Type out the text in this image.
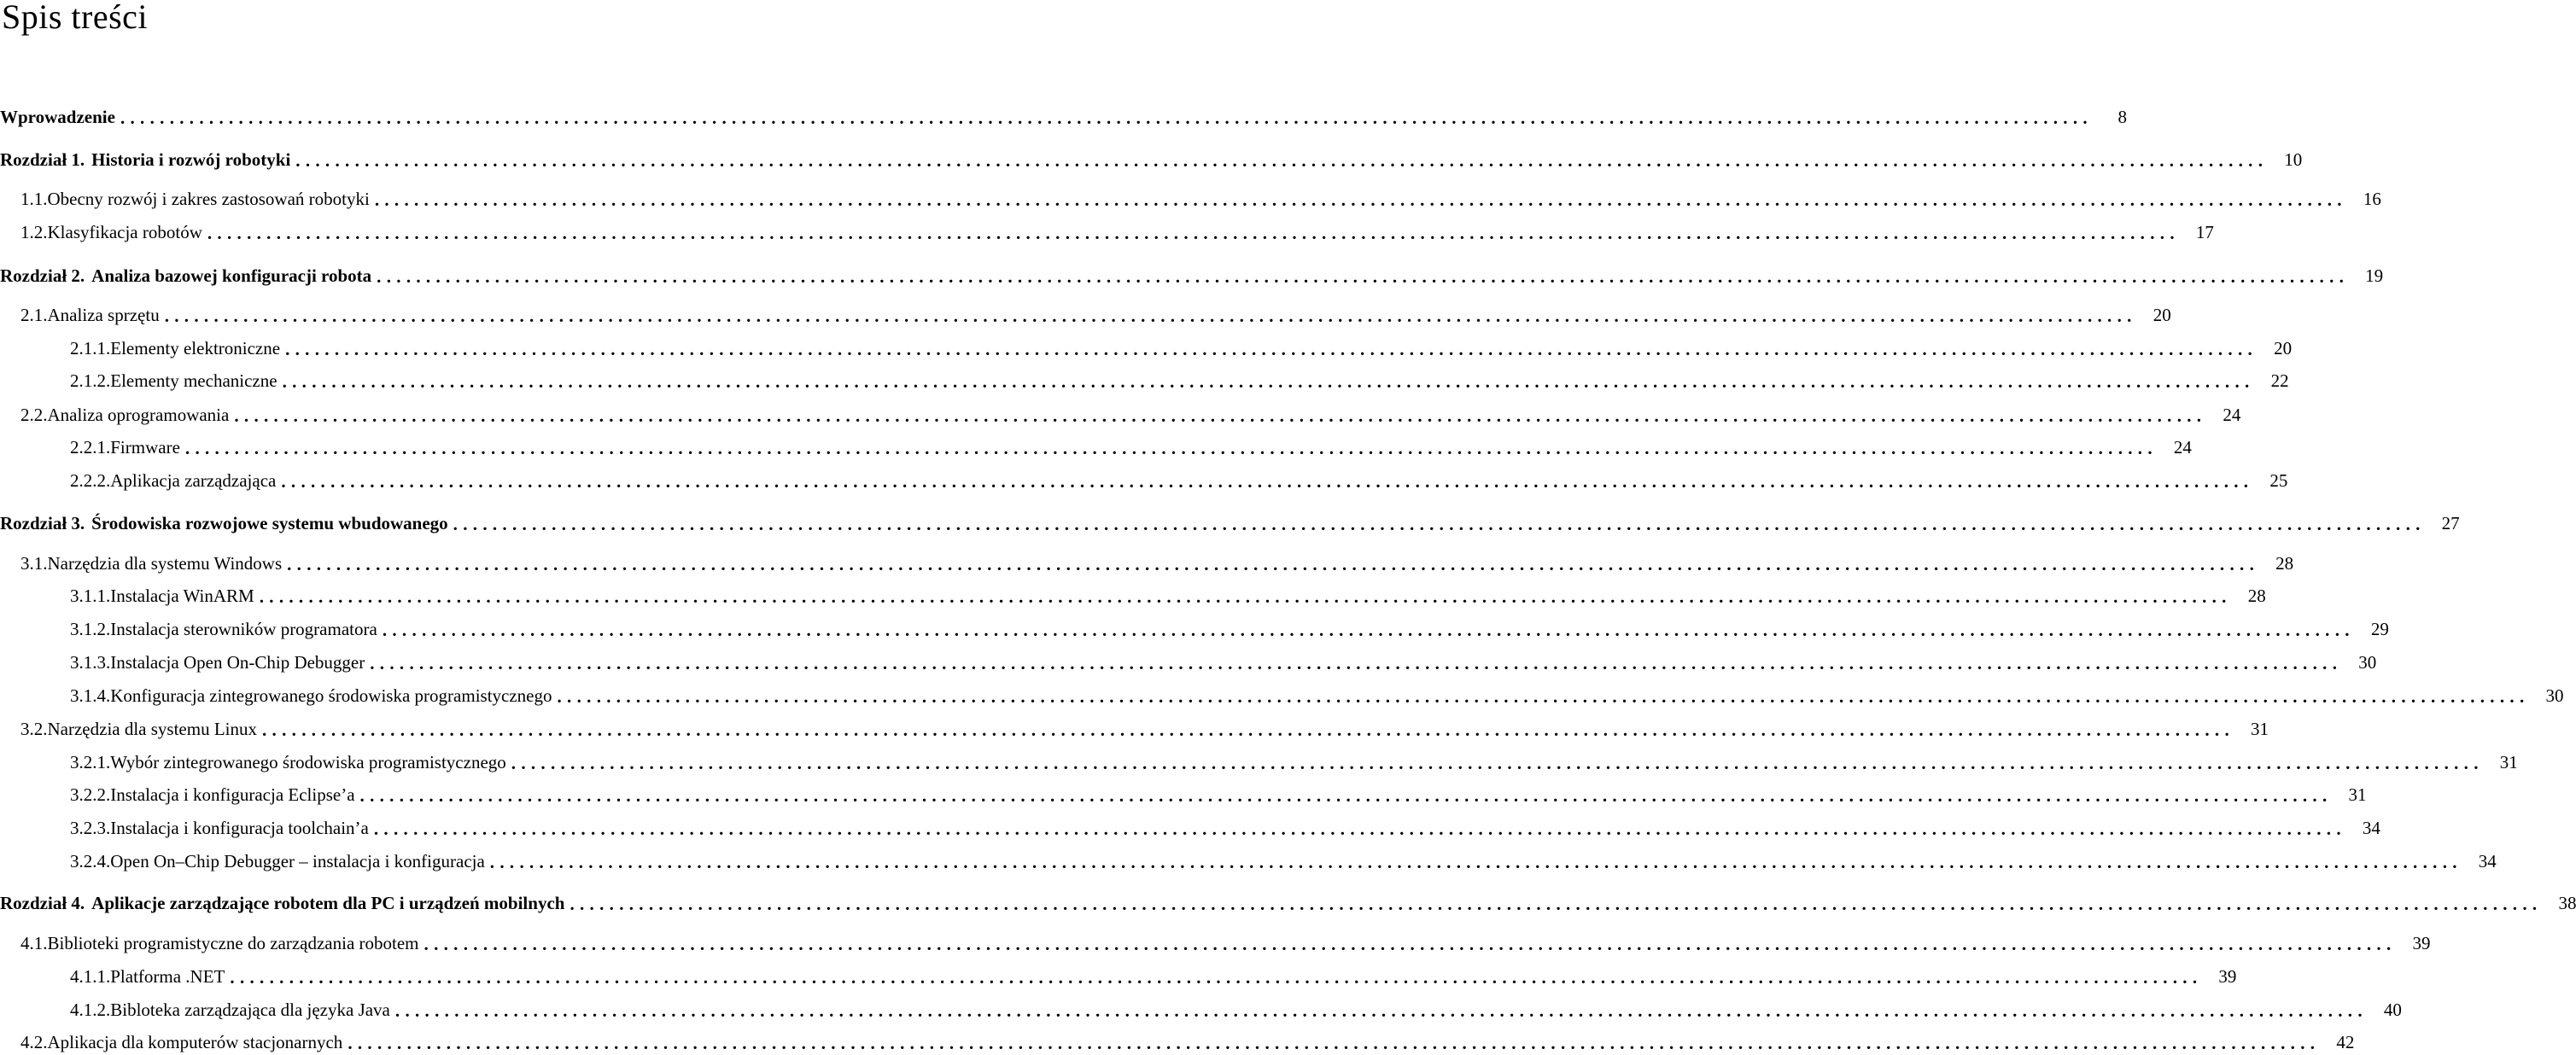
Spis treści
Wprowadzenie ........................................................................................................................................................................................................	8
Rozdział 1. Historia i rozwój robotyki ........................................................................................................................................................................................................ 10
1.1. Obecny rozwój i zakres zastosowań robotyki ........................................................................................................................................................................................................ 16
1.2. Klasyfikacja robotów ........................................................................................................................................................................................................ 17
Rozdział 2. Analiza bazowej konfiguracji robota ........................................................................................................................................................................................................ 19
2.1. Analiza sprzętu ........................................................................................................................................................................................................ 20
2.1.1. Elementy elektroniczne ........................................................................................................................................................................................................ 20
2.1.2. Elementy mechaniczne ........................................................................................................................................................................................................ 22
2.2. Analiza oprogramowania ........................................................................................................................................................................................................ 24
2.2.1. Firmware ........................................................................................................................................................................................................ 24
2.2.2. Aplikacja zarządzająca ........................................................................................................................................................................................................ 25
Rozdział 3. Środowiska rozwojowe systemu wbudowanego ........................................................................................................................................................................................................ 27
3.1. Narzędzia dla systemu Windows ........................................................................................................................................................................................................ 28
3.1.1. Instalacja WinARM ........................................................................................................................................................................................................ 28
3.1.2. Instalacja sterowników programatora ........................................................................................................................................................................................................ 29
3.1.3. Instalacja Open On-Chip Debugger ........................................................................................................................................................................................................ 30
3.1.4. Konfiguracja zintegrowanego środowiska programistycznego ........................................................................................................................................................................................................ 30
3.2. Narzędzia dla systemu Linux ........................................................................................................................................................................................................ 31
3.2.1. Wybór zintegrowanego środowiska programistycznego ........................................................................................................................................................................................................ 31
3.2.2. Instalacja i konfiguracja Eclipse’a ........................................................................................................................................................................................................ 31
3.2.3. Instalacja i konfiguracja toolchain’a ........................................................................................................................................................................................................ 34
3.2.4. Open On–Chip Debugger – instalacja i konfiguracja ........................................................................................................................................................................................................ 34
Rozdział 4. Aplikacje zarządzające robotem dla PC i urządzeń mobilnych ........................................................................................................................................................................................................ 38
4.1. Biblioteki programistyczne do zarządzania robotem ........................................................................................................................................................................................................ 39
4.1.1. Platforma .NET ........................................................................................................................................................................................................ 39
4.1.2. Bibloteka zarządzająca dla języka Java ........................................................................................................................................................................................................ 40
4.2. Aplikacja dla komputerów stacjonarnych ........................................................................................................................................................................................................ 42
